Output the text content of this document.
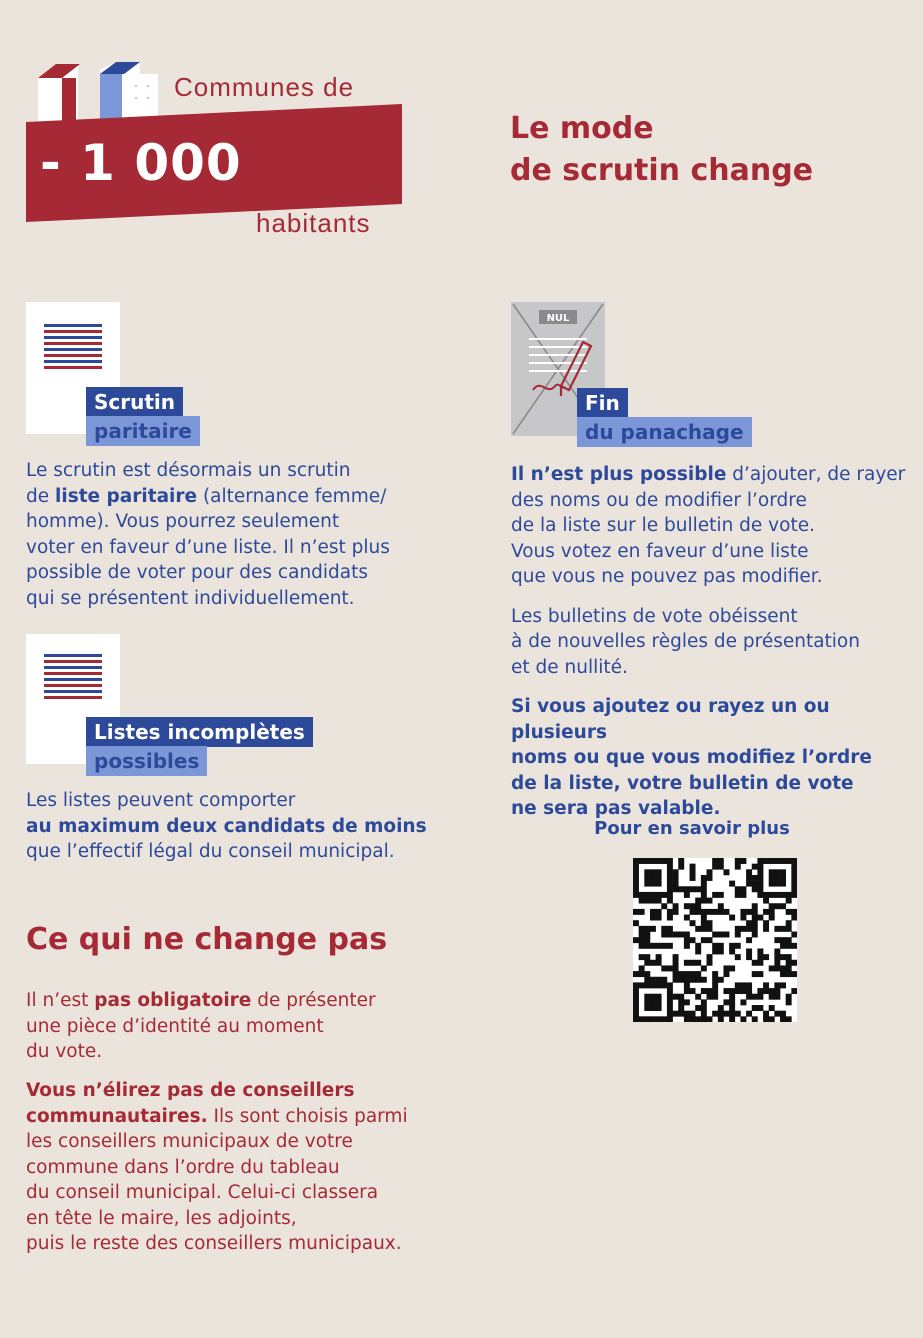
Communes de
- 1 000
habitants
Le mode
de scrutin change
Scrutin
paritaire
Le scrutin est désormais un scrutin
de liste paritaire (alternance femme/
homme). Vous pourrez seulement
voter en faveur d’une liste. Il n’est plus
possible de voter pour des candidats
qui se présentent individuellement.
Listes incomplètes
possibles
Les listes peuvent comporter
au maximum deux candidats de moins
que l’effectif légal du conseil municipal.
NUL
Fin
du panachage
Il n’est plus possible d’ajouter, de rayer
des noms ou de modifier l’ordre
de la liste sur le bulletin de vote.
Vous votez en faveur d’une liste
que vous ne pouvez pas modifier.
Les bulletins de vote obéissent
à de nouvelles règles de présentation
et de nullité.
Si vous ajoutez ou rayez un ou plusieurs
noms ou que vous modifiez l’ordre
de la liste, votre bulletin de vote
ne sera pas valable.
Pour en savoir plus
Ce qui ne change pas
Il n’est pas obligatoire de présenter
une pièce d’identité au moment
du vote.
Vous n’élirez pas de conseillers
communautaires. Ils sont choisis parmi
les conseillers municipaux de votre
commune dans l’ordre du tableau
du conseil municipal. Celui-ci classera
en tête le maire, les adjoints,
puis le reste des conseillers municipaux.
